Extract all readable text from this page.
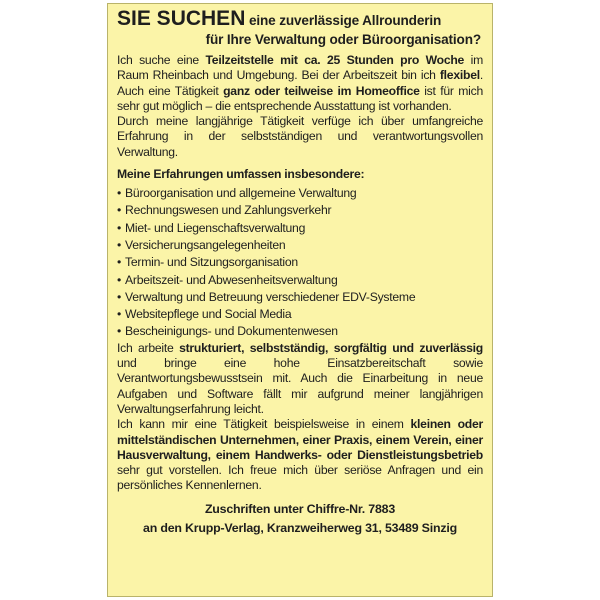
SIE SUCHEN eine zuverlässige Allrounderin
für Ihre Verwaltung oder Büroorganisation?

Ich suche eine Teilzeitstelle mit ca. 25 Stunden pro Woche im Raum Rheinbach und Umgebung. Bei der Arbeitszeit bin ich flexibel. Auch eine Tätigkeit ganz oder teilweise im Homeoffice ist für mich sehr gut möglich – die entsprechende Ausstattung ist vorhanden.

Durch meine langjährige Tätigkeit verfüge ich über umfangreiche Erfahrung in der selbstständigen und verantwortungsvollen Verwaltung.

Meine Erfahrungen umfassen insbesondere:
• Büroorganisation und allgemeine Verwaltung
• Rechnungswesen und Zahlungsverkehr
• Miet- und Liegenschaftsverwaltung
• Versicherungsangelegenheiten
• Termin- und Sitzungsorganisation
• Arbeitszeit- und Abwesenheitsverwaltung
• Verwaltung und Betreuung verschiedener EDV-Systeme
• Websitepflege und Social Media
• Bescheinigungs- und Dokumentenwesen

Ich arbeite strukturiert, selbstständig, sorgfältig und zuverlässig und bringe eine hohe Einsatzbereitschaft sowie Verantwortungsbewusstsein mit. Auch die Einarbeitung in neue Aufgaben und Software fällt mir aufgrund meiner langjährigen Verwaltungserfahrung leicht.

Ich kann mir eine Tätigkeit beispielsweise in einem kleinen oder mittelständischen Unternehmen, einer Praxis, einem Verein, einer Hausverwaltung, einem Handwerks- oder Dienstleistungsbetrieb sehr gut vorstellen. Ich freue mich über seriöse Anfragen und ein persönliches Kennenlernen.

Zuschriften unter Chiffre-Nr. 7883
an den Krupp-Verlag, Kranzweiherweg 31, 53489 Sinzig
